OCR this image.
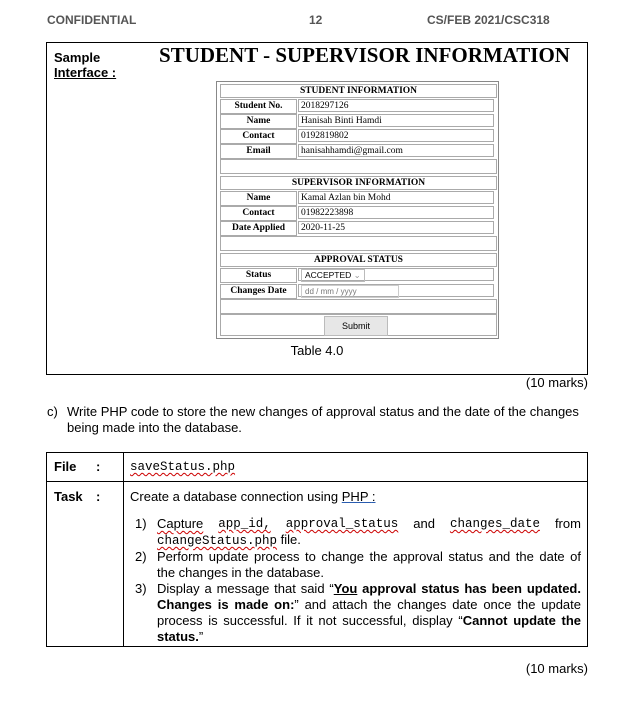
CONFIDENTIAL	12	CS/FEB 2021/CSC318
Sample
Interface :
STUDENT - SUPERVISOR INFORMATION
STUDENT INFORMATION
Student No.	2018297126
Name	Hanisah Binti Hamdi
Contact	0192819802
Email	hanisahhamdi@gmail.com
SUPERVISOR INFORMATION
Name	Kamal Azlan bin Mohd
Contact	01982223898
Date Applied	2020-11-25
APPROVAL STATUS
Status	ACCEPTED ⌄
Changes Date	dd / mm / yyyy
Submit
Table 4.0
(10 marks)
c) Write PHP code to store the new changes of approval status and the date of the changes being made into the database.
File : saveStatus.php
Task : Create a database connection using PHP :
1) Capture app_id, approval_status and changes_date from
changeStatus.php file.
2) Perform update process to change the approval status and the date of the changes in the database.
3) Display a message that said “You approval status has been updated. Changes is made on:” and attach the changes date once the update process is successful. If it not successful, display “Cannot update the status.”
(10 marks)
